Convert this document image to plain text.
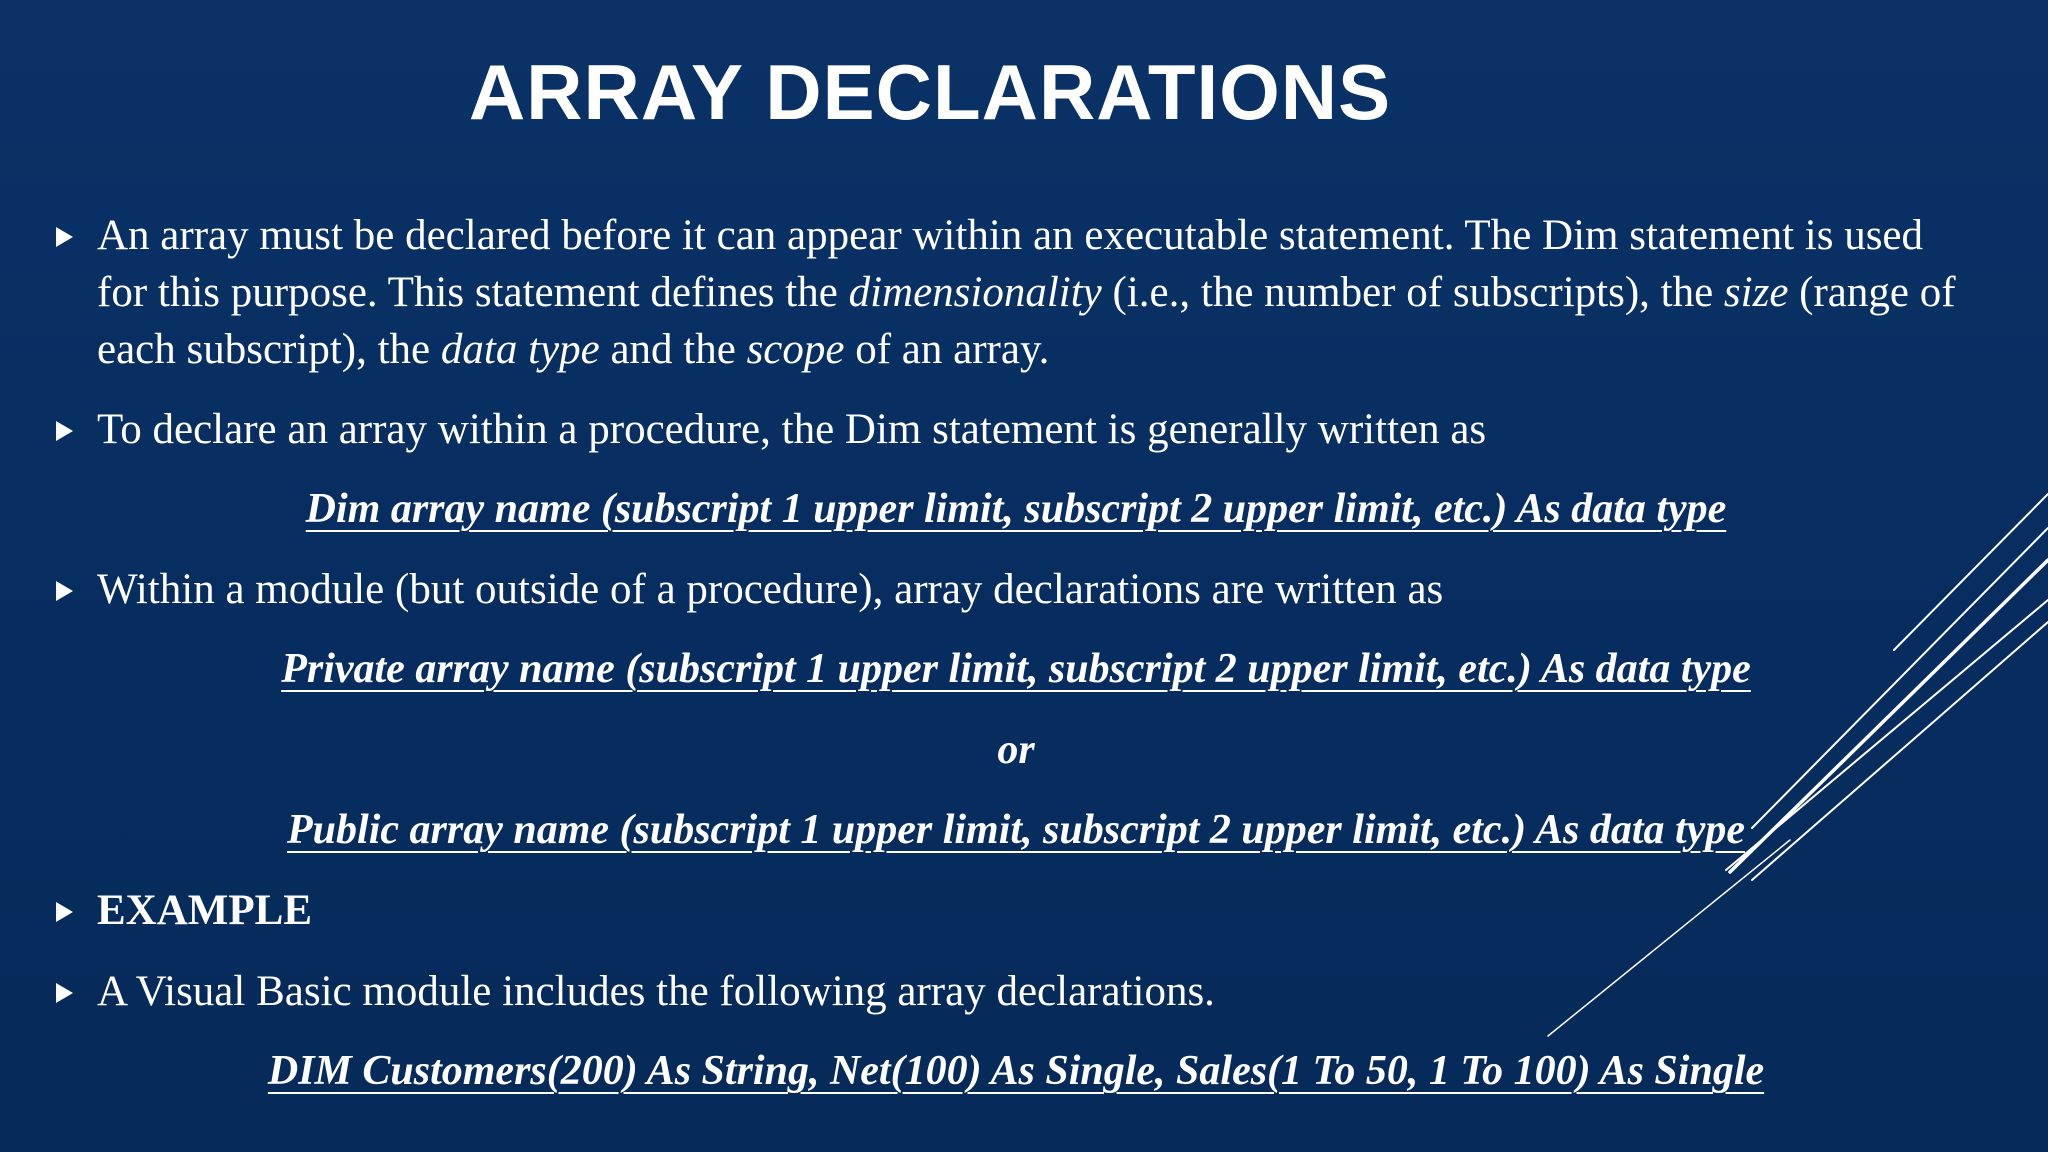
ARRAY DECLARATIONS
An array must be declared before it can appear within an executable statement. The Dim statement is used for this purpose. This statement defines the dimensionality (i.e., the number of subscripts), the size (range of each subscript), the data type and the scope of an array.
To declare an array within a procedure, the Dim statement is generally written as
Dim array name (subscript 1 upper limit, subscript 2 upper limit, etc.) As data type
Within a module (but outside of a procedure), array declarations are written as
Private array name (subscript 1 upper limit, subscript 2 upper limit, etc.) As data type
or
Public array name (subscript 1 upper limit, subscript 2 upper limit, etc.) As data type
EXAMPLE
A Visual Basic module includes the following array declarations.
DIM Customers(200) As String, Net(100) As Single, Sales(1 To 50, 1 To 100) As Single
